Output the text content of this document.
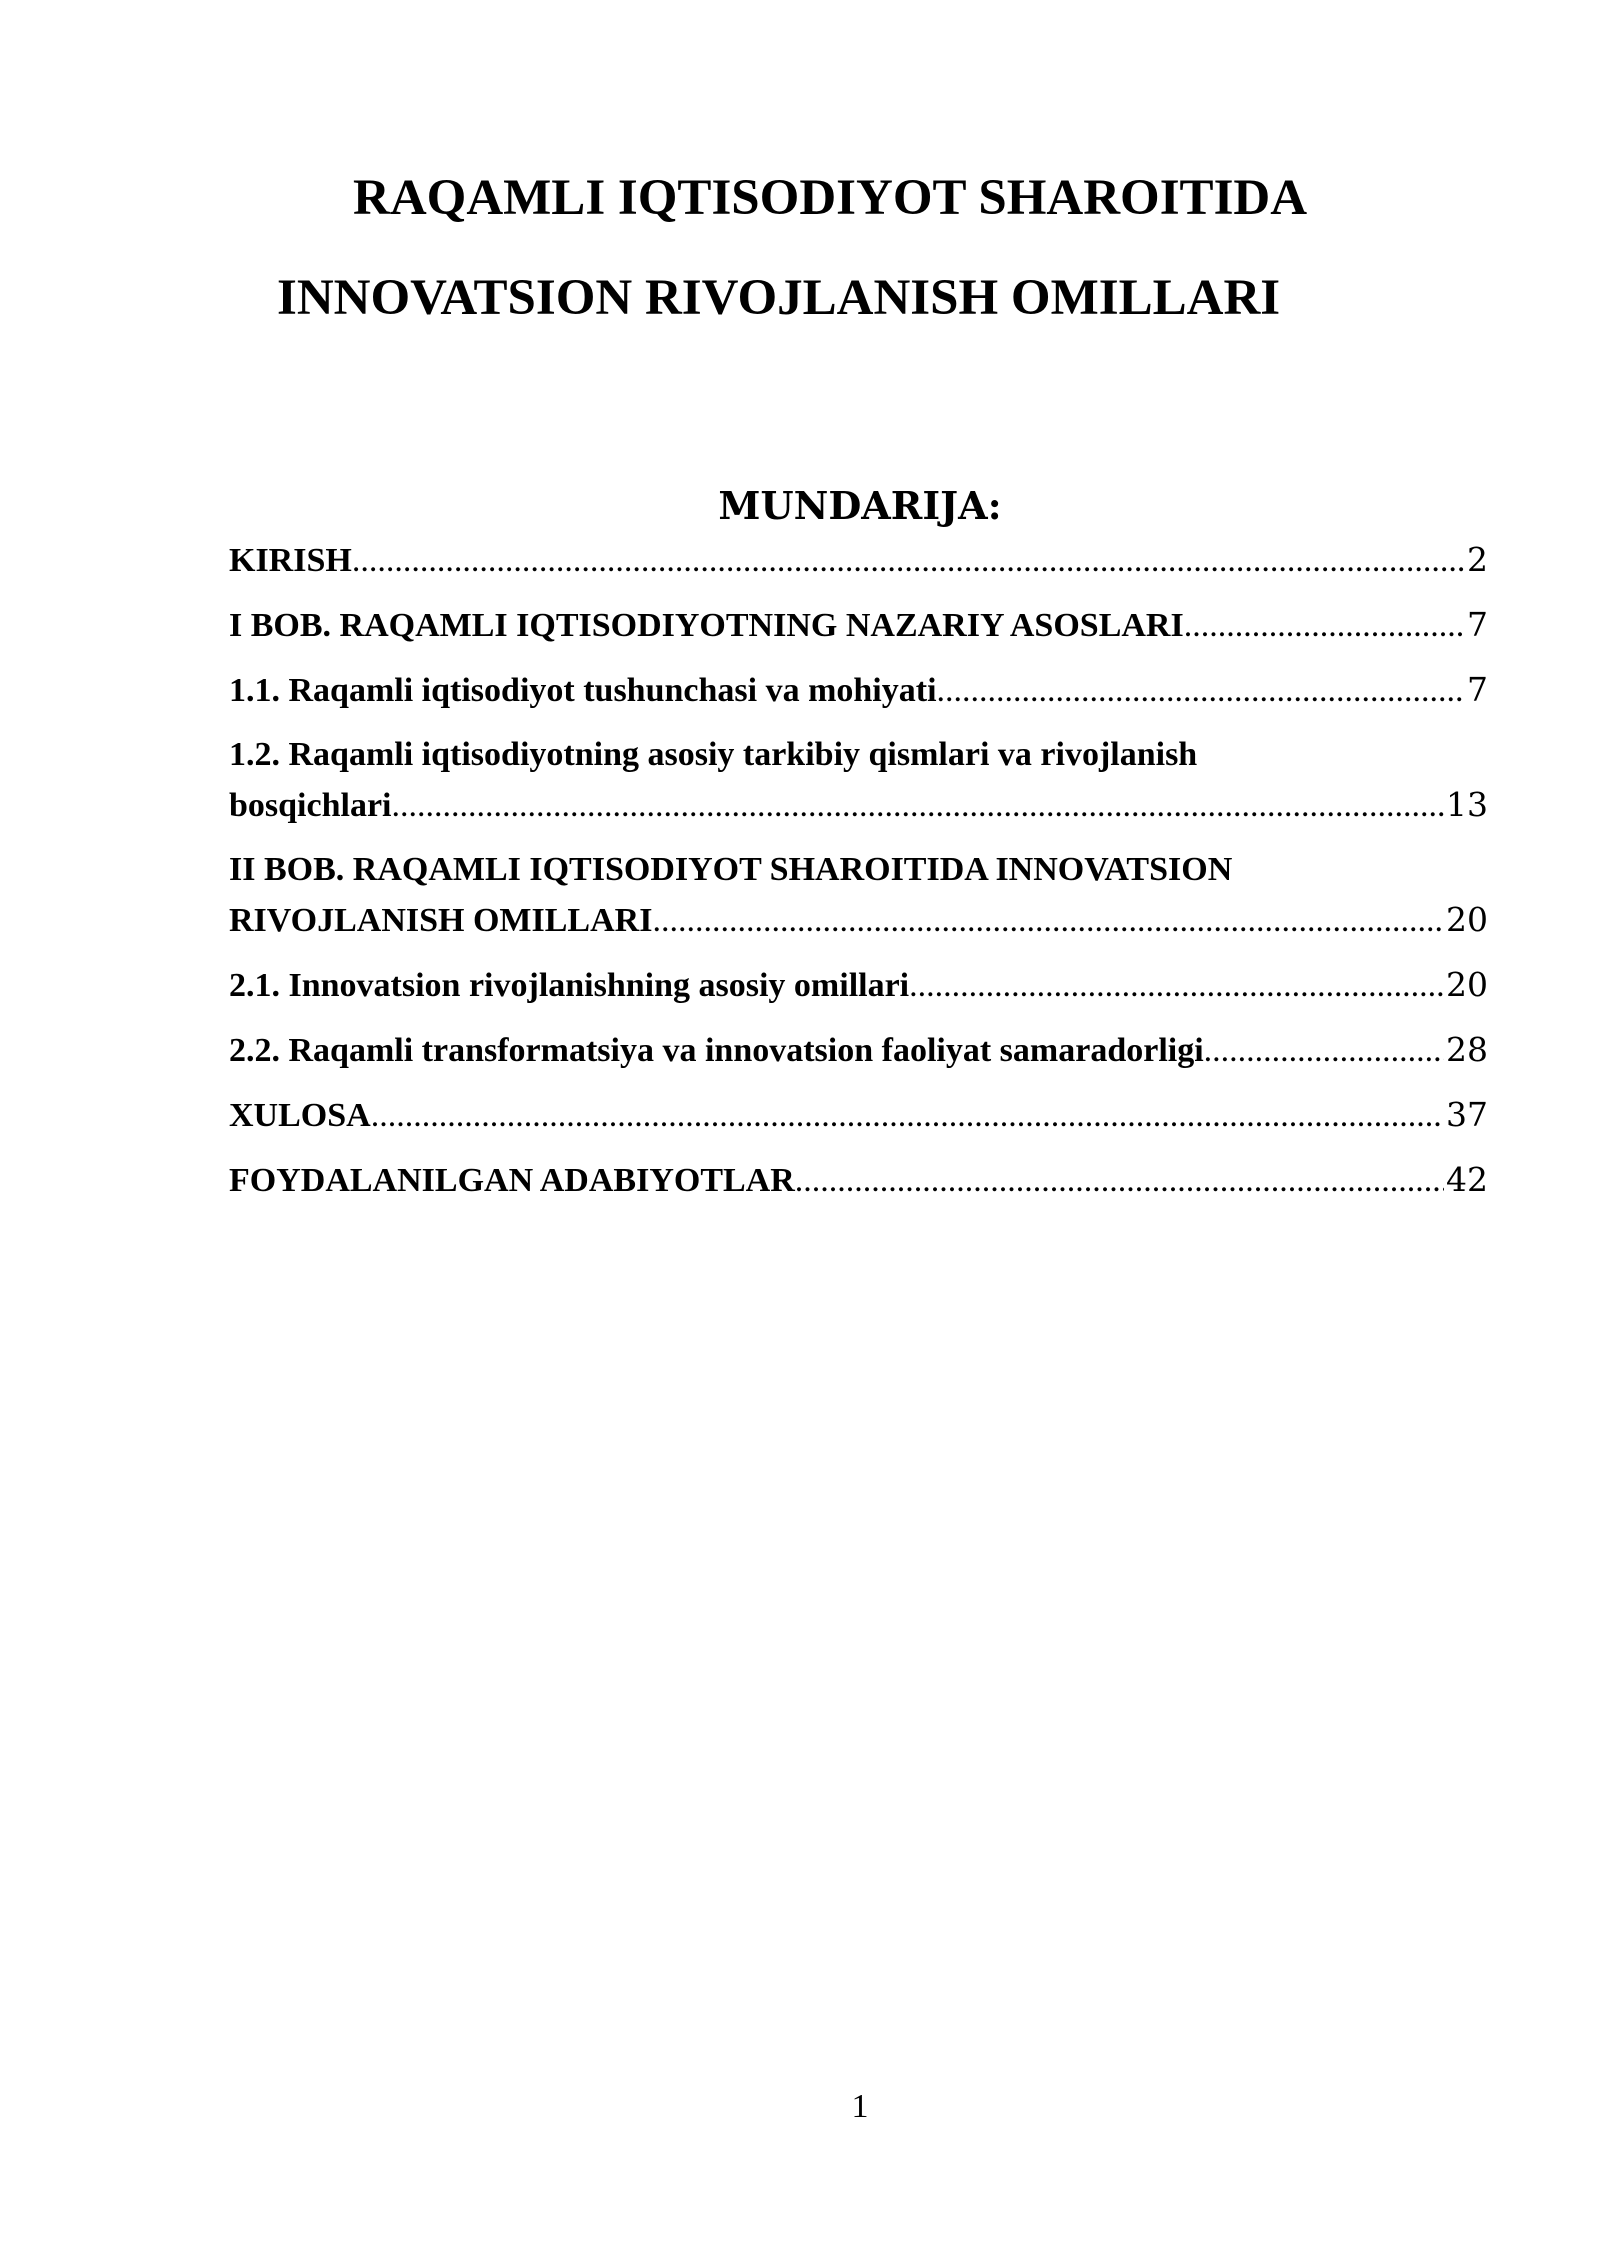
RAQAMLI IQTISODIYOT SHAROITIDA
INNOVATSION RIVOJLANISH OMILLARI
MUNDARIJA:
KIRISH .....	2
I BOB. RAQAMLI IQTISODIYOTNING NAZARIY ASOSLARI .....	7
1.1. Raqamli iqtisodiyot tushunchasi va mohiyati .....	7
1.2. Raqamli iqtisodiyotning asosiy tarkibiy qismlari va rivojlanish
bosqichlari .....	13
II BOB. RAQAMLI IQTISODIYOT SHAROITIDA INNOVATSION
RIVOJLANISH OMILLARI .....	20
2.1. Innovatsion rivojlanishning asosiy omillari .....	20
2.2. Raqamli transformatsiya va innovatsion faoliyat samaradorligi .....	28
XULOSA .....	37
FOYDALANILGAN ADABIYOTLAR .....	42
1
